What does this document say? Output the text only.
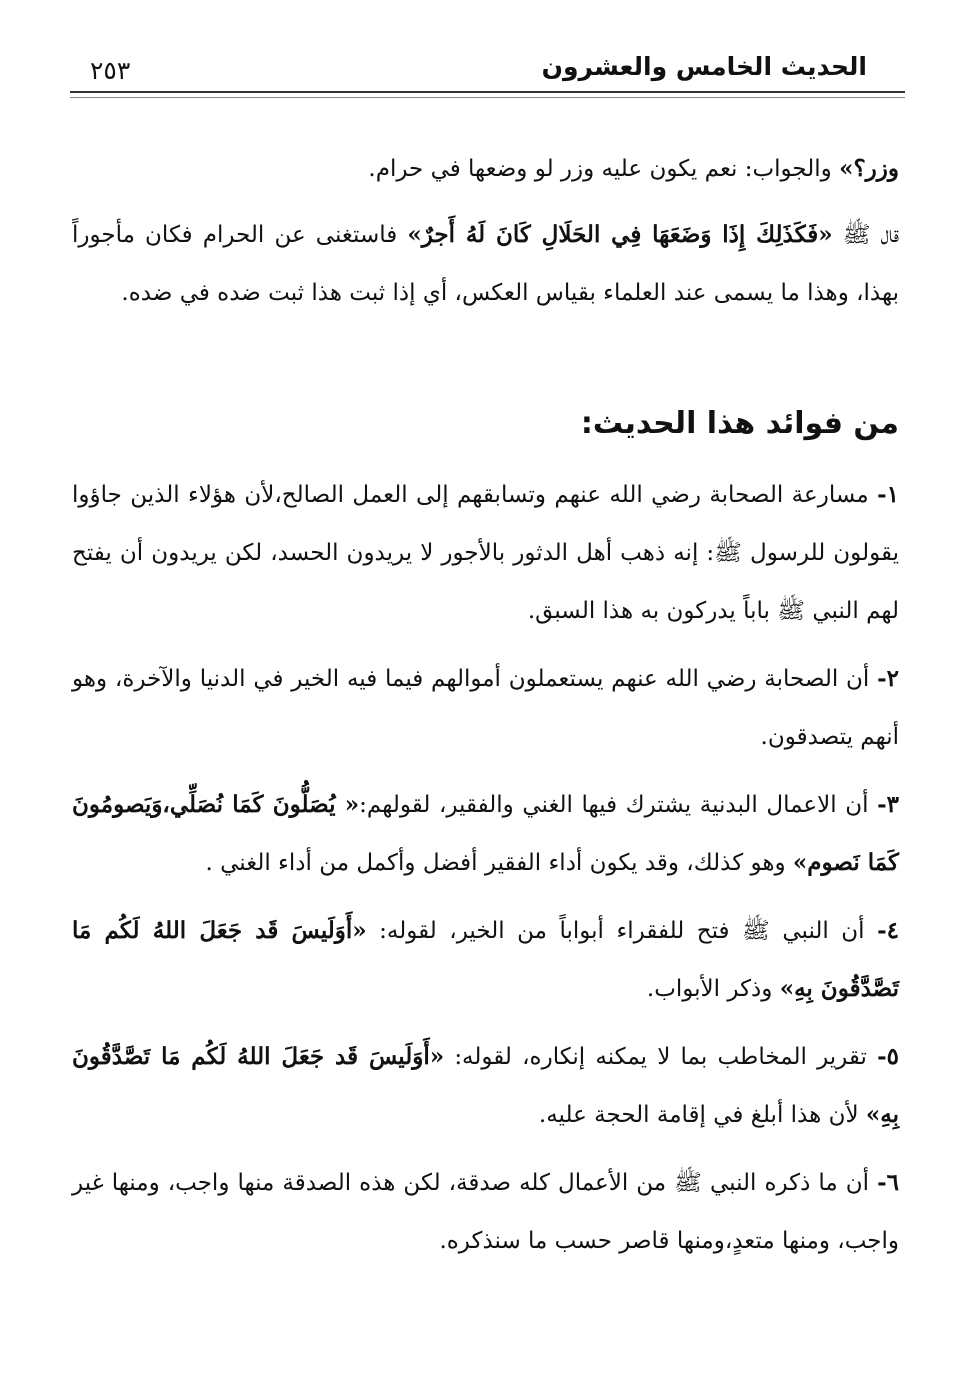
الحديث الخامس والعشرون
٢٥٣

وزر؟» والجواب: نعم يكون عليه وزر لو وضعها في حرام.

قال ﷺ «فَكَذَلِكَ إِذَا وَضَعَهَا فِي الحَلَالِ كَانَ لَهُ أَجرٌ» فاستغنى عن الحرام فكان مأجوراً بهذا، وهذا ما يسمى عند العلماء بقياس العكس، أي إذا ثبت هذا ثبت ضده في ضده.

من فوائد هذا الحديث:

١- مسارعة الصحابة رضي الله عنهم وتسابقهم إلى العمل الصالح،لأن هؤلاء الذين جاؤوا يقولون للرسول ﷺ: إنه ذهب أهل الدثور بالأجور لا يريدون الحسد، لكن يريدون أن يفتح لهم النبي ﷺ باباً يدركون به هذا السبق.

٢- أن الصحابة رضي الله عنهم يستعملون أموالهم فيما فيه الخير في الدنيا والآخرة، وهو أنهم يتصدقون.

٣- أن الاعمال البدنية يشترك فيها الغني والفقير، لقولهم:« يُصَلُّونَ كَمَا نُصَلِّي،وَيَصومُونَ كَمَا نَصوم» وهو كذلك، وقد يكون أداء الفقير أفضل وأكمل من أداء الغني .

٤- أن النبي ﷺ فتح للفقراء أبواباً من الخير، لقوله: «أَوَلَيسَ قَد جَعَلَ اللهُ لَكُم مَا تَصَّدَّقُونَ بِهِ» وذكر الأبواب.

٥- تقرير المخاطب بما لا يمكنه إنكاره، لقوله: «أَوَلَيسَ قَد جَعَلَ اللهُ لَكُم مَا تَصَّدَّقُونَ بِهِ» لأن هذا أبلغ في إقامة الحجة عليه.

٦- أن ما ذكره النبي ﷺ من الأعمال كله صدقة، لكن هذه الصدقة منها واجب، ومنها غير واجب، ومنها متعدٍ،ومنها قاصر حسب ما سنذكره.
